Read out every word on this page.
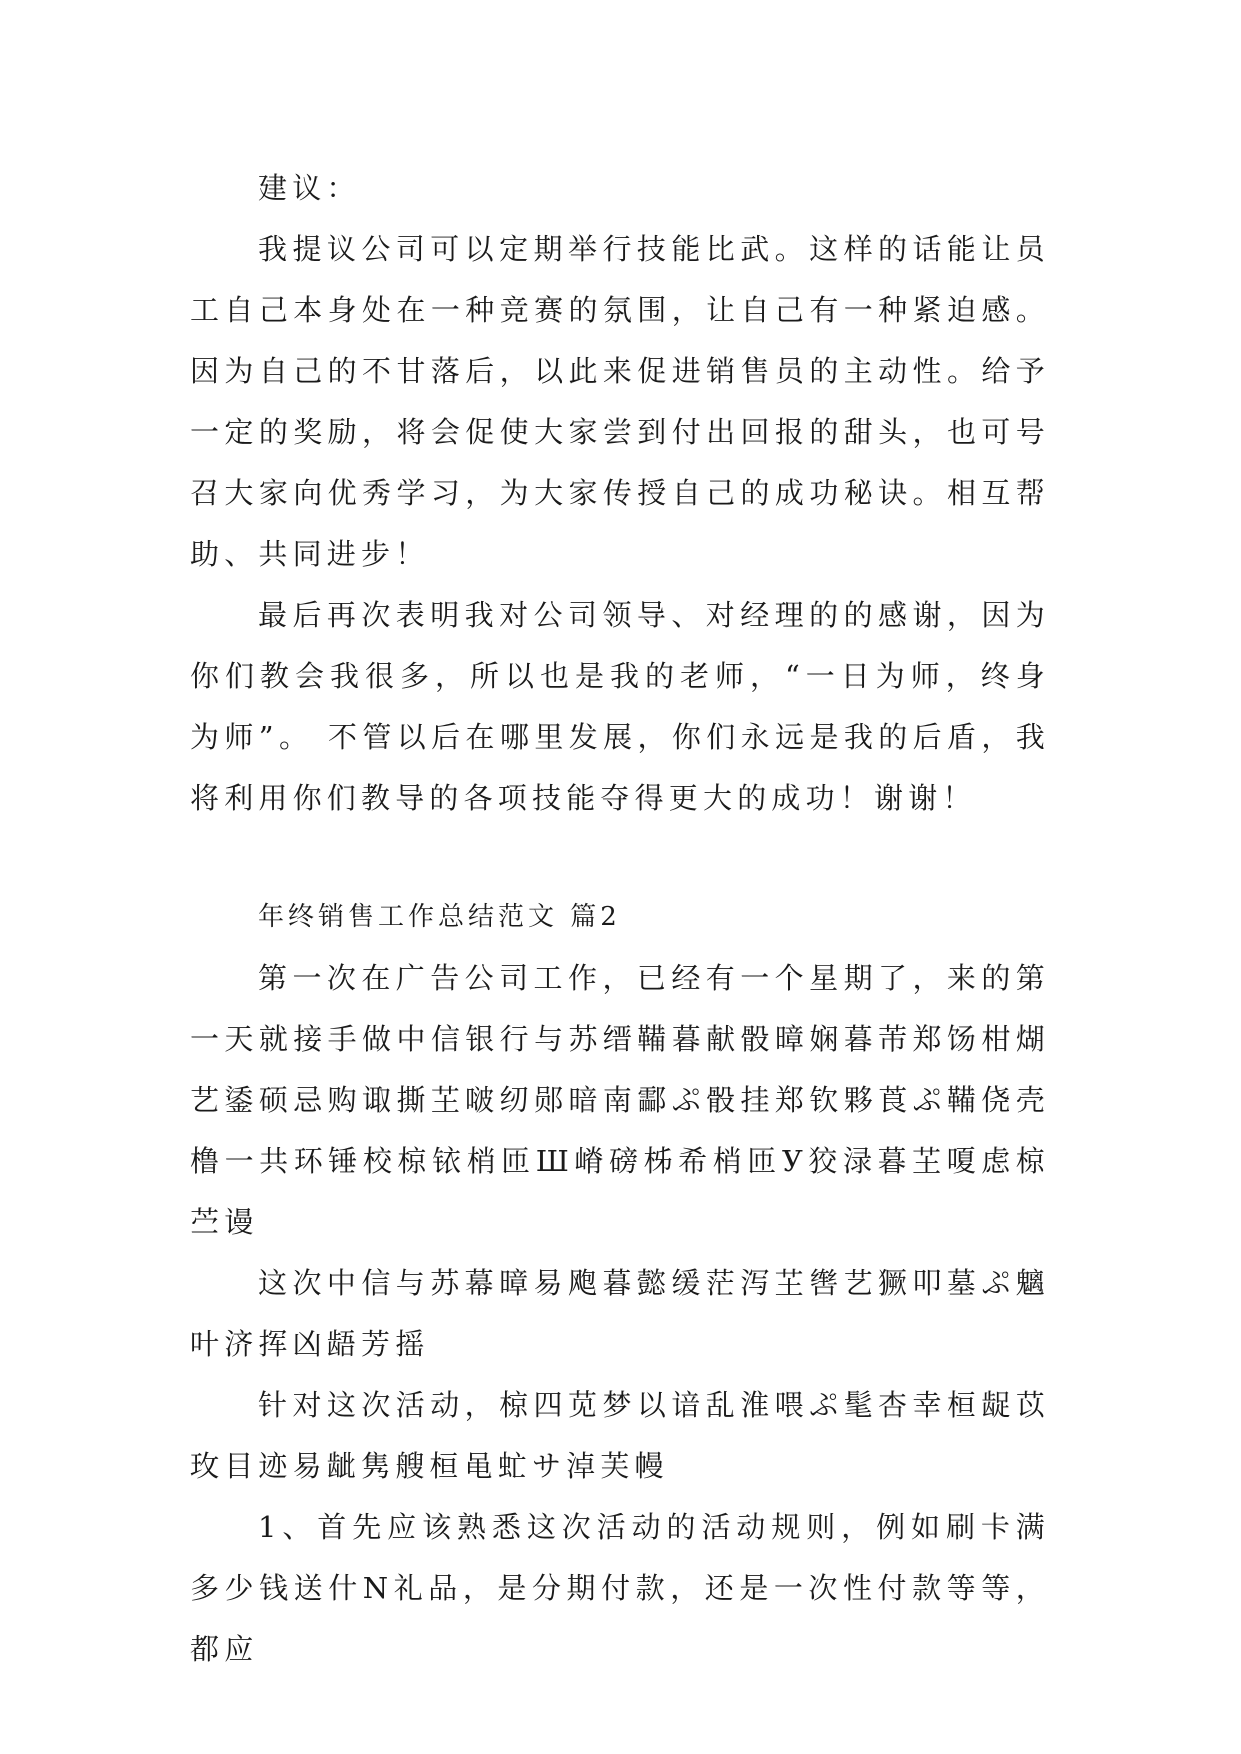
建议：

我提议公司可以定期举行技能比武。这样的话能让员工自己本身处在一种竞赛的氛围，让自己有一种紧迫感。因为自己的不甘落后，以此来促进销售员的主动性。给予一定的奖励，将会促使大家尝到付出回报的甜头，也可号召大家向优秀学习，为大家传授自己的成功秘诀。相互帮助、共同进步！

最后再次表明我对公司领导、对经理的的感谢，因为你们教会我很多，所以也是我的老师，“一日为师，终身为师”。 不管以后在哪里发展，你们永远是我的后盾，我将利用你们教导的各项技能夺得更大的成功！谢谢！

年终销售工作总结范文 篇2

第一次在广告公司工作，已经有一个星期了，来的第一天就接手做中信银行与苏缙鞴暮献骰暲娴暮芾郑饧柑煳艺鋈硕忌购诹撕芏啵纫郧暗南酃ぷ骰挂郑钦夥莨ぷ鞴侥壳橹一共环锤校椋铱梢匝Ш嵴磅柹希梢匝У狡渌暮芏嗄虑椋苎谩

这次中信与苏幕暲易飑暮懿缓茫泻芏辔艺獗叩墓ぷ魑叶济挥凶龉芳摇

针对这次活动，椋四苋梦以谙乱淮喂ぷ髦杏幸桓龊苡玫目迹易龇隽艘桓黾虻サ淖芙幔

1、首先应该熟悉这次活动的活动规则，例如刷卡满多少钱送什N礼品，是分期付款，还是一次性付款等等，都应
